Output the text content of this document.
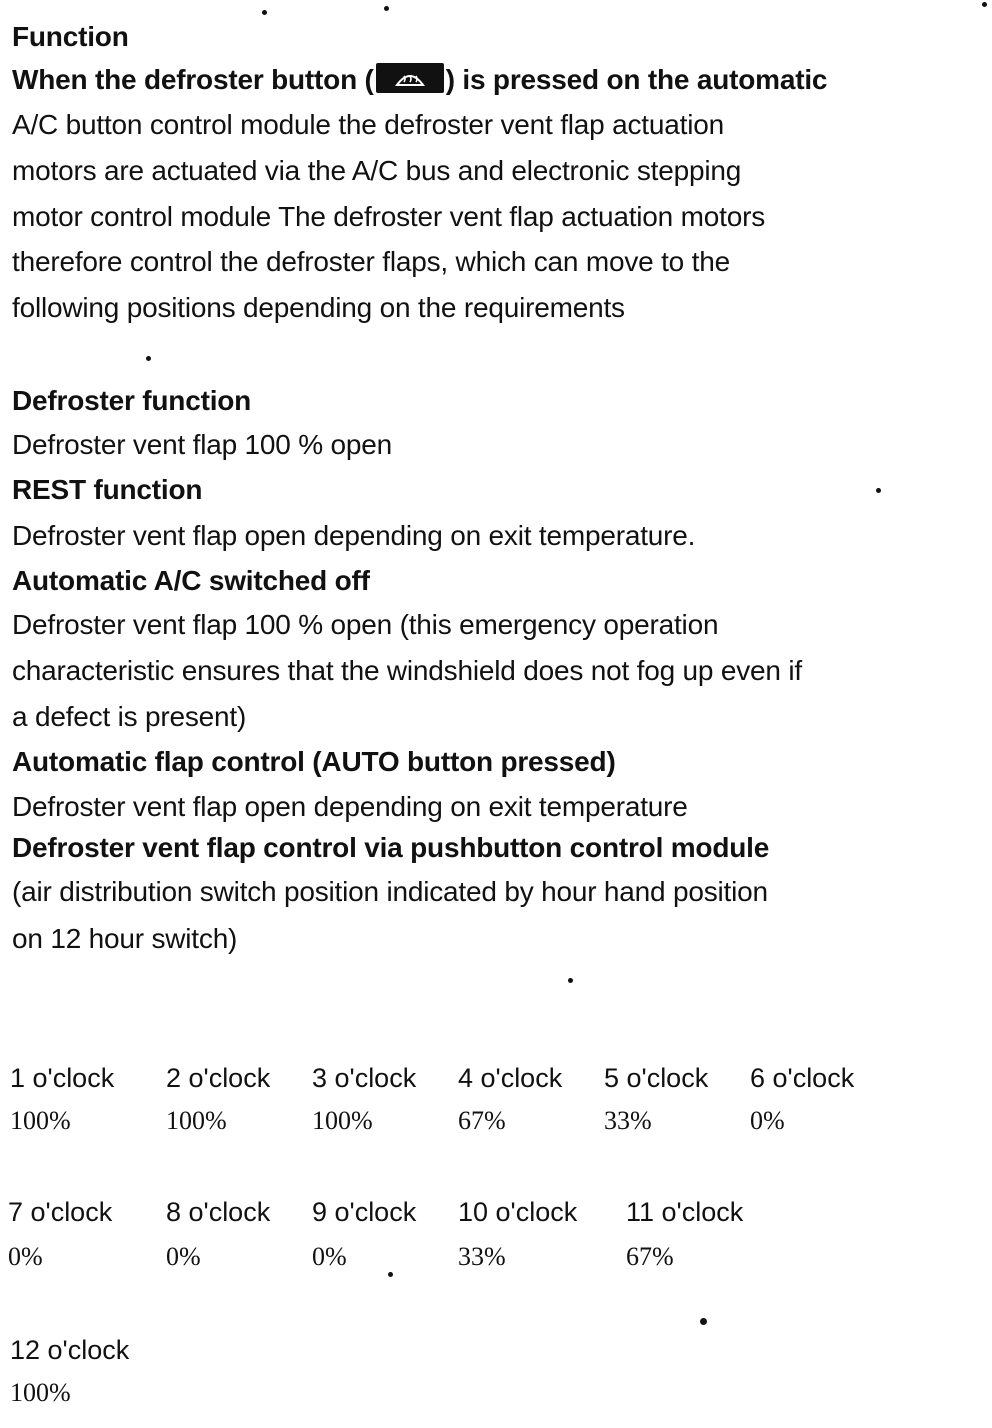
Function
When the defroster button (	) is pressed on the automatic
A/C button control module the defroster vent flap actuation
motors are actuated via the A/C bus and electronic stepping
motor control module The defroster vent flap actuation motors
therefore control the defroster flaps, which can move to the
following positions depending on the requirements
Defroster function
Defroster vent flap 100 % open
REST function
Defroster vent flap open depending on exit temperature.
Automatic A/C switched off
Defroster vent flap 100 % open (this emergency operation
characteristic ensures that the windshield does not fog up even if
a defect is present)
Automatic flap control (AUTO button pressed)
Defroster vent flap open depending on exit temperature
Defroster vent flap control via pushbutton control module
(air distribution switch position indicated by hour hand position
on 12 hour switch)
1 o'clock 2 o'clock 3 o'clock 4 o'clock 5 o'clock 6 o'clock
100%	100%	100%	67%	33%	0%
7 o'clock 8 o'clock 9 o'clock 10 o'clock 11 o'clock
0%	0%	0%	33%	67%
12 o'clock
100%
